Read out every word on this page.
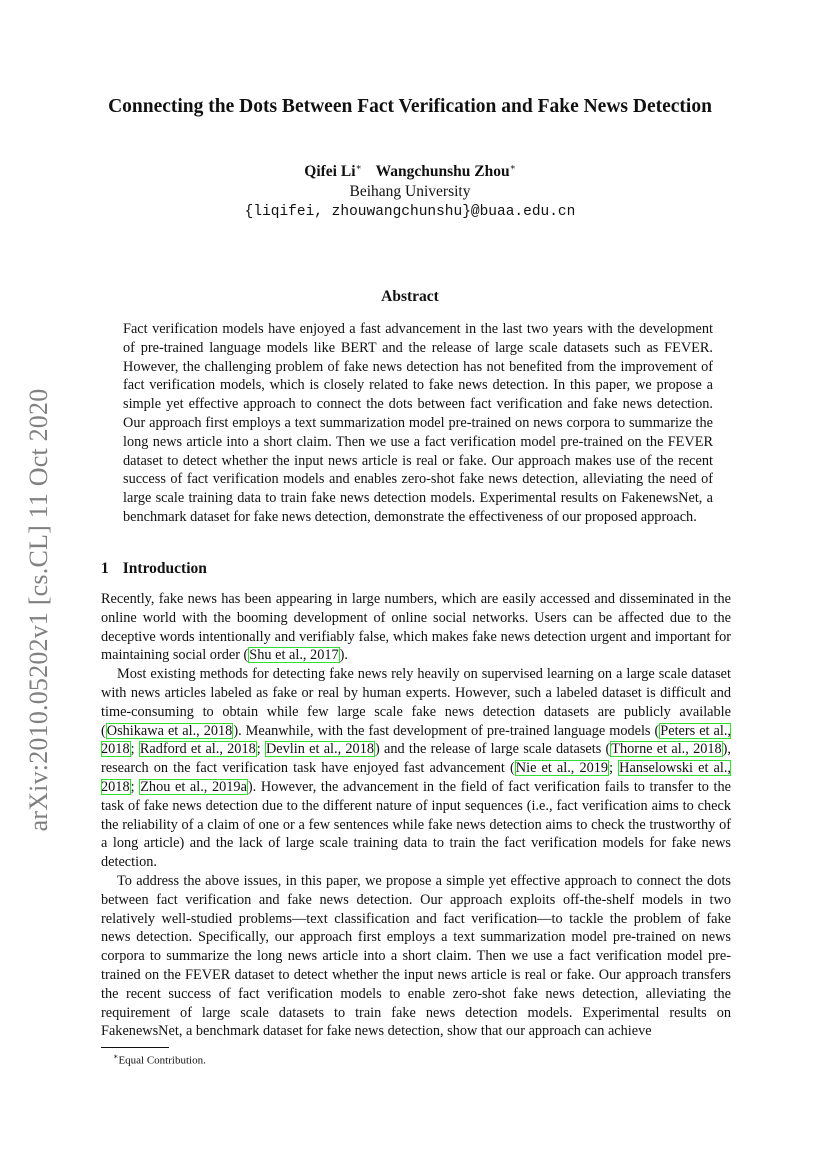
arXiv:2010.05202v1 [cs.CL] 11 Oct 2020
Connecting the Dots Between Fact Verification and Fake News Detection
Qifei Li∗ Wangchunshu Zhou∗
Beihang University
{liqifei, zhouwangchunshu}@buaa.edu.cn
Abstract

Fact verification models have enjoyed a fast advancement in the last two years with the development of pre-trained language models like BERT and the release of large scale datasets such as FEVER. However, the challenging problem of fake news detection has not benefited from the improvement of fact verification models, which is closely related to fake news detection. In this paper, we propose a simple yet effective approach to connect the dots between fact verification and fake news detection. Our approach first employs a text summarization model pre-trained on news corpora to summarize the long news article into a short claim. Then we use a fact verification model pre-trained on the FEVER dataset to detect whether the input news article is real or fake. Our approach makes use of the recent success of fact verification models and enables zero-shot fake news detection, alleviating the need of large scale training data to train fake news detection models. Experimental results on FakenewsNet, a benchmark dataset for fake news detection, demonstrate the effectiveness of our proposed approach.

1 Introduction

Recently, fake news has been appearing in large numbers, which are easily accessed and disseminated in the online world with the booming development of online social networks. Users can be affected due to the deceptive words intentionally and verifiably false, which makes fake news detection urgent and important for maintaining social order (Shu et al., 2017).

Most existing methods for detecting fake news rely heavily on supervised learning on a large scale dataset with news articles labeled as fake or real by human experts. However, such a labeled dataset is difficult and time-consuming to obtain while few large scale fake news detection datasets are publicly available (Oshikawa et al., 2018). Meanwhile, with the fast development of pre-trained language models (Peters et al., 2018; Radford et al., 2018; Devlin et al., 2018) and the release of large scale datasets (Thorne et al., 2018), research on the fact verification task have enjoyed fast advancement (Nie et al., 2019; Hanselowski et al., 2018; Zhou et al., 2019a). However, the advancement in the field of fact verification fails to transfer to the task of fake news detection due to the different nature of input sequences (i.e., fact verification aims to check the reliability of a claim of one or a few sentences while fake news detection aims to check the trustworthy of a long article) and the lack of large scale training data to train the fact verification models for fake news detection.

To address the above issues, in this paper, we propose a simple yet effective approach to connect the dots between fact verification and fake news detection. Our approach exploits off-the-shelf models in two relatively well-studied problems—text classification and fact verification—to tackle the problem of fake news detection. Specifically, our approach first employs a text summarization model pre-trained on news corpora to summarize the long news article into a short claim. Then we use a fact verification model pre-trained on the FEVER dataset to detect whether the input news article is real or fake. Our approach transfers the recent success of fact verification models to enable zero-shot fake news detection, alleviating the requirement of large scale datasets to train fake news detection models. Experimental results on FakenewsNet, a benchmark dataset for fake news detection, show that our approach can achieve

∗Equal Contribution.
